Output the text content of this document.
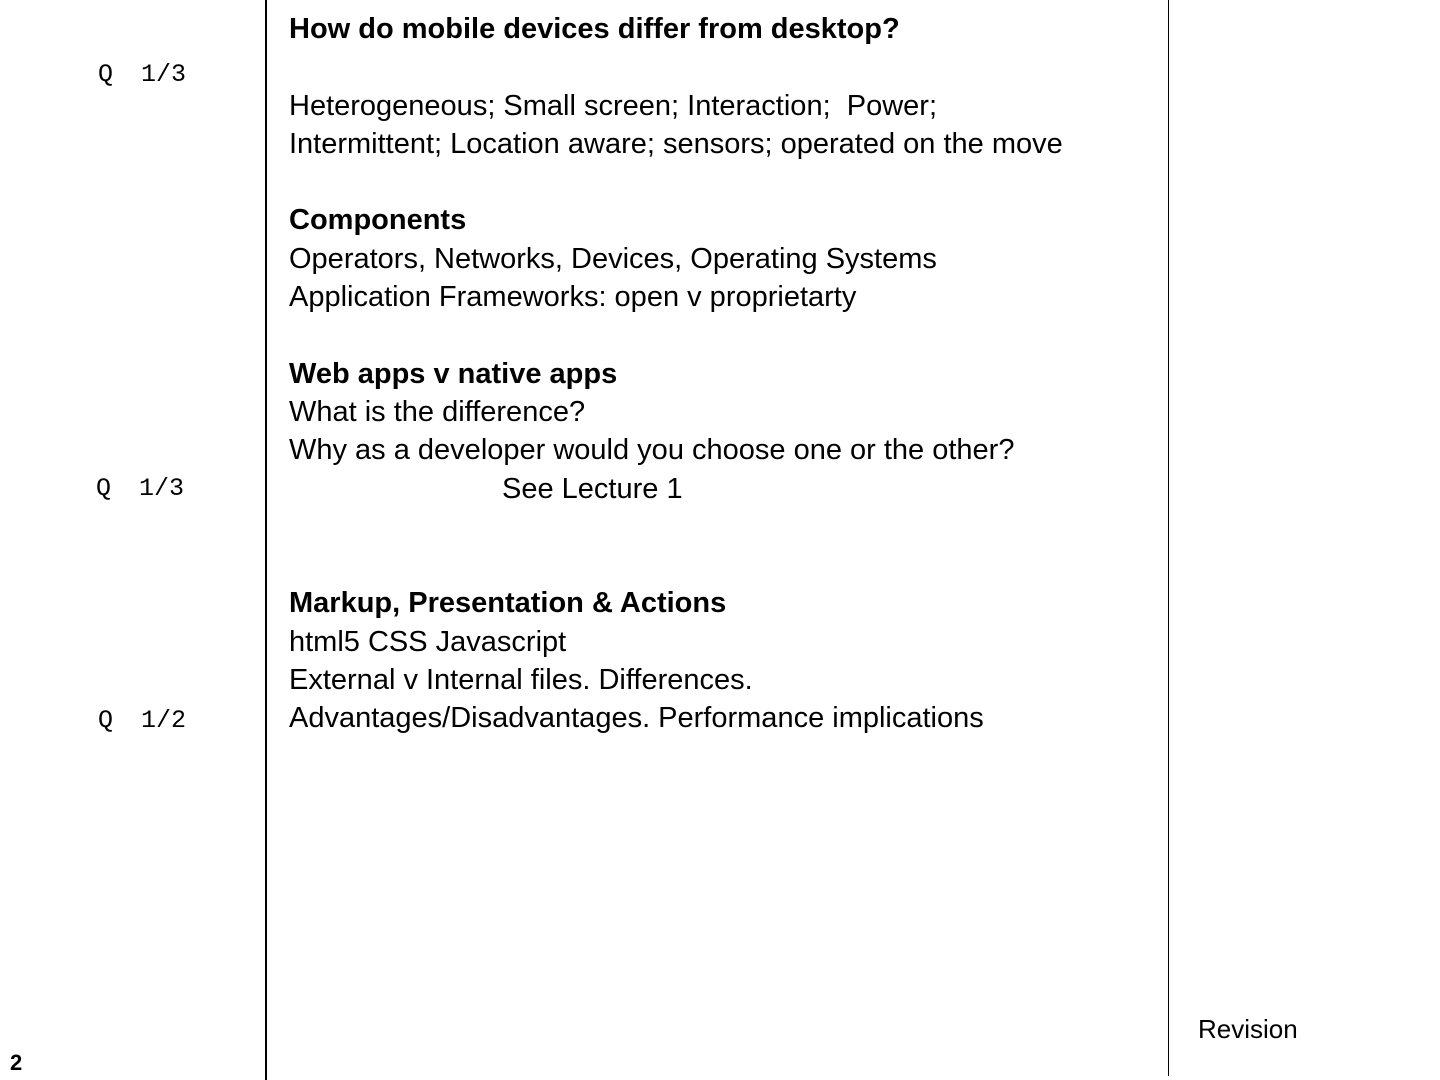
Q 1/3

Q 1/3

Q 1/2

How do mobile devices differ from desktop?
Heterogeneous; Small screen; Interaction;  Power;
Intermittent; Location aware; sensors; operated on the move
Components
Operators, Networks, Devices, Operating Systems
Application Frameworks: open v proprietarty
Web apps v native apps
What is the difference?
Why as a developer would you choose one or the other?
See Lecture 1
Markup, Presentation & Actions
html5 CSS Javascript
External v Internal files. Differences.
Advantages/Disadvantages. Performance implications
2
Revision
